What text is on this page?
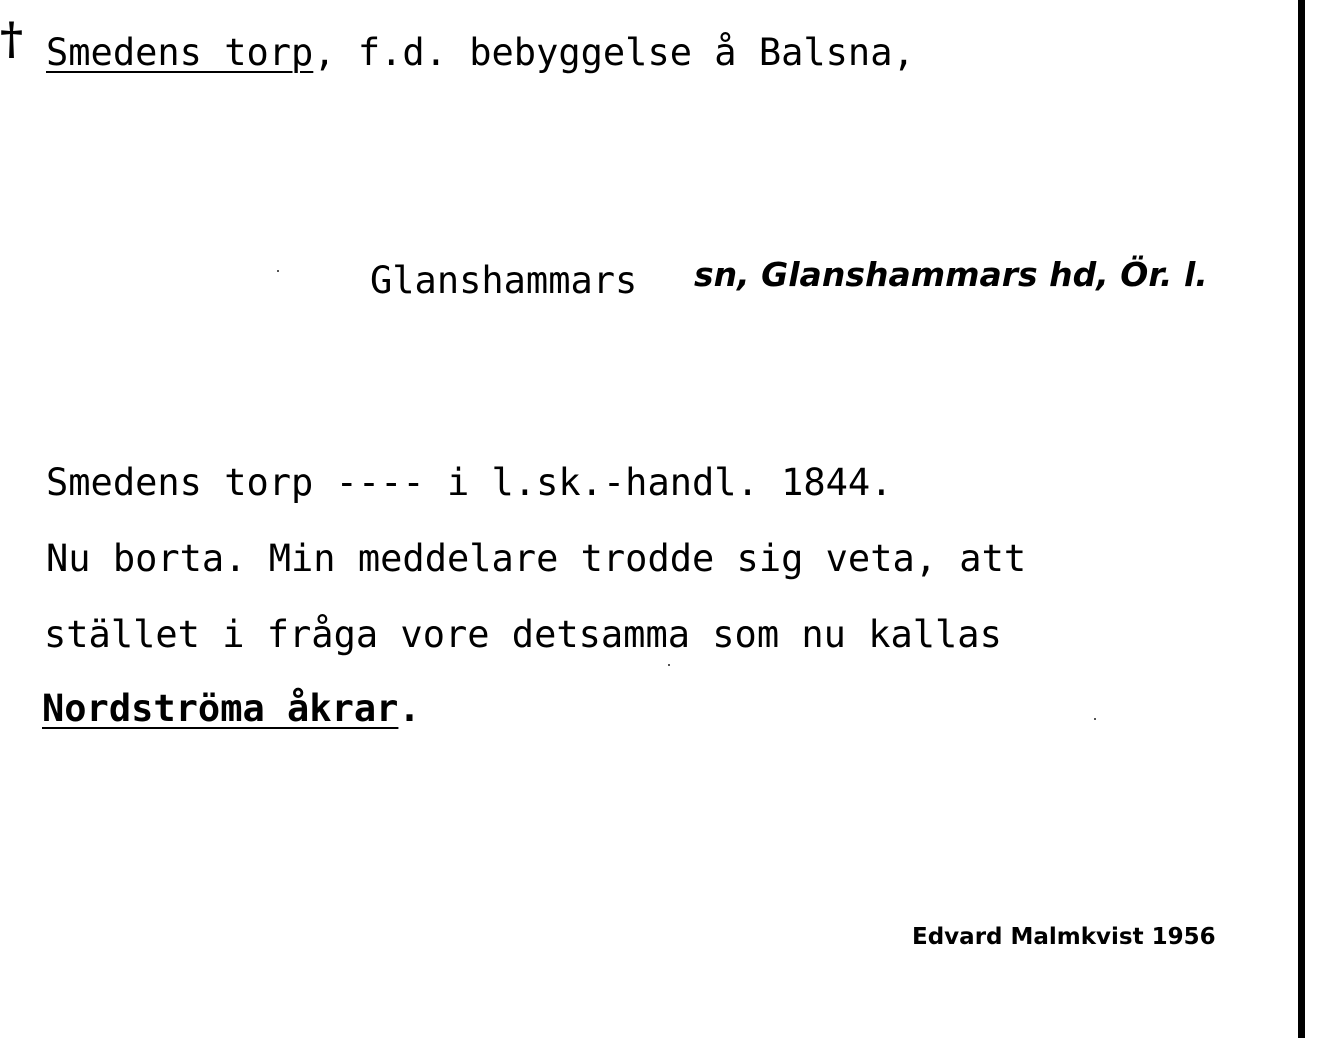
† Smedens torp, f.d. bebyggelse å Balsna,
Glanshammars sn, Glanshammars hd, Ör. l.
Smedens torp ---- i l.sk.-handl. 1844.
Nu borta. Min meddelare trodde sig veta, att
stället i fråga vore detsamma som nu kallas
Nordströma åkrar.
Edvard Malmkvist 1956
